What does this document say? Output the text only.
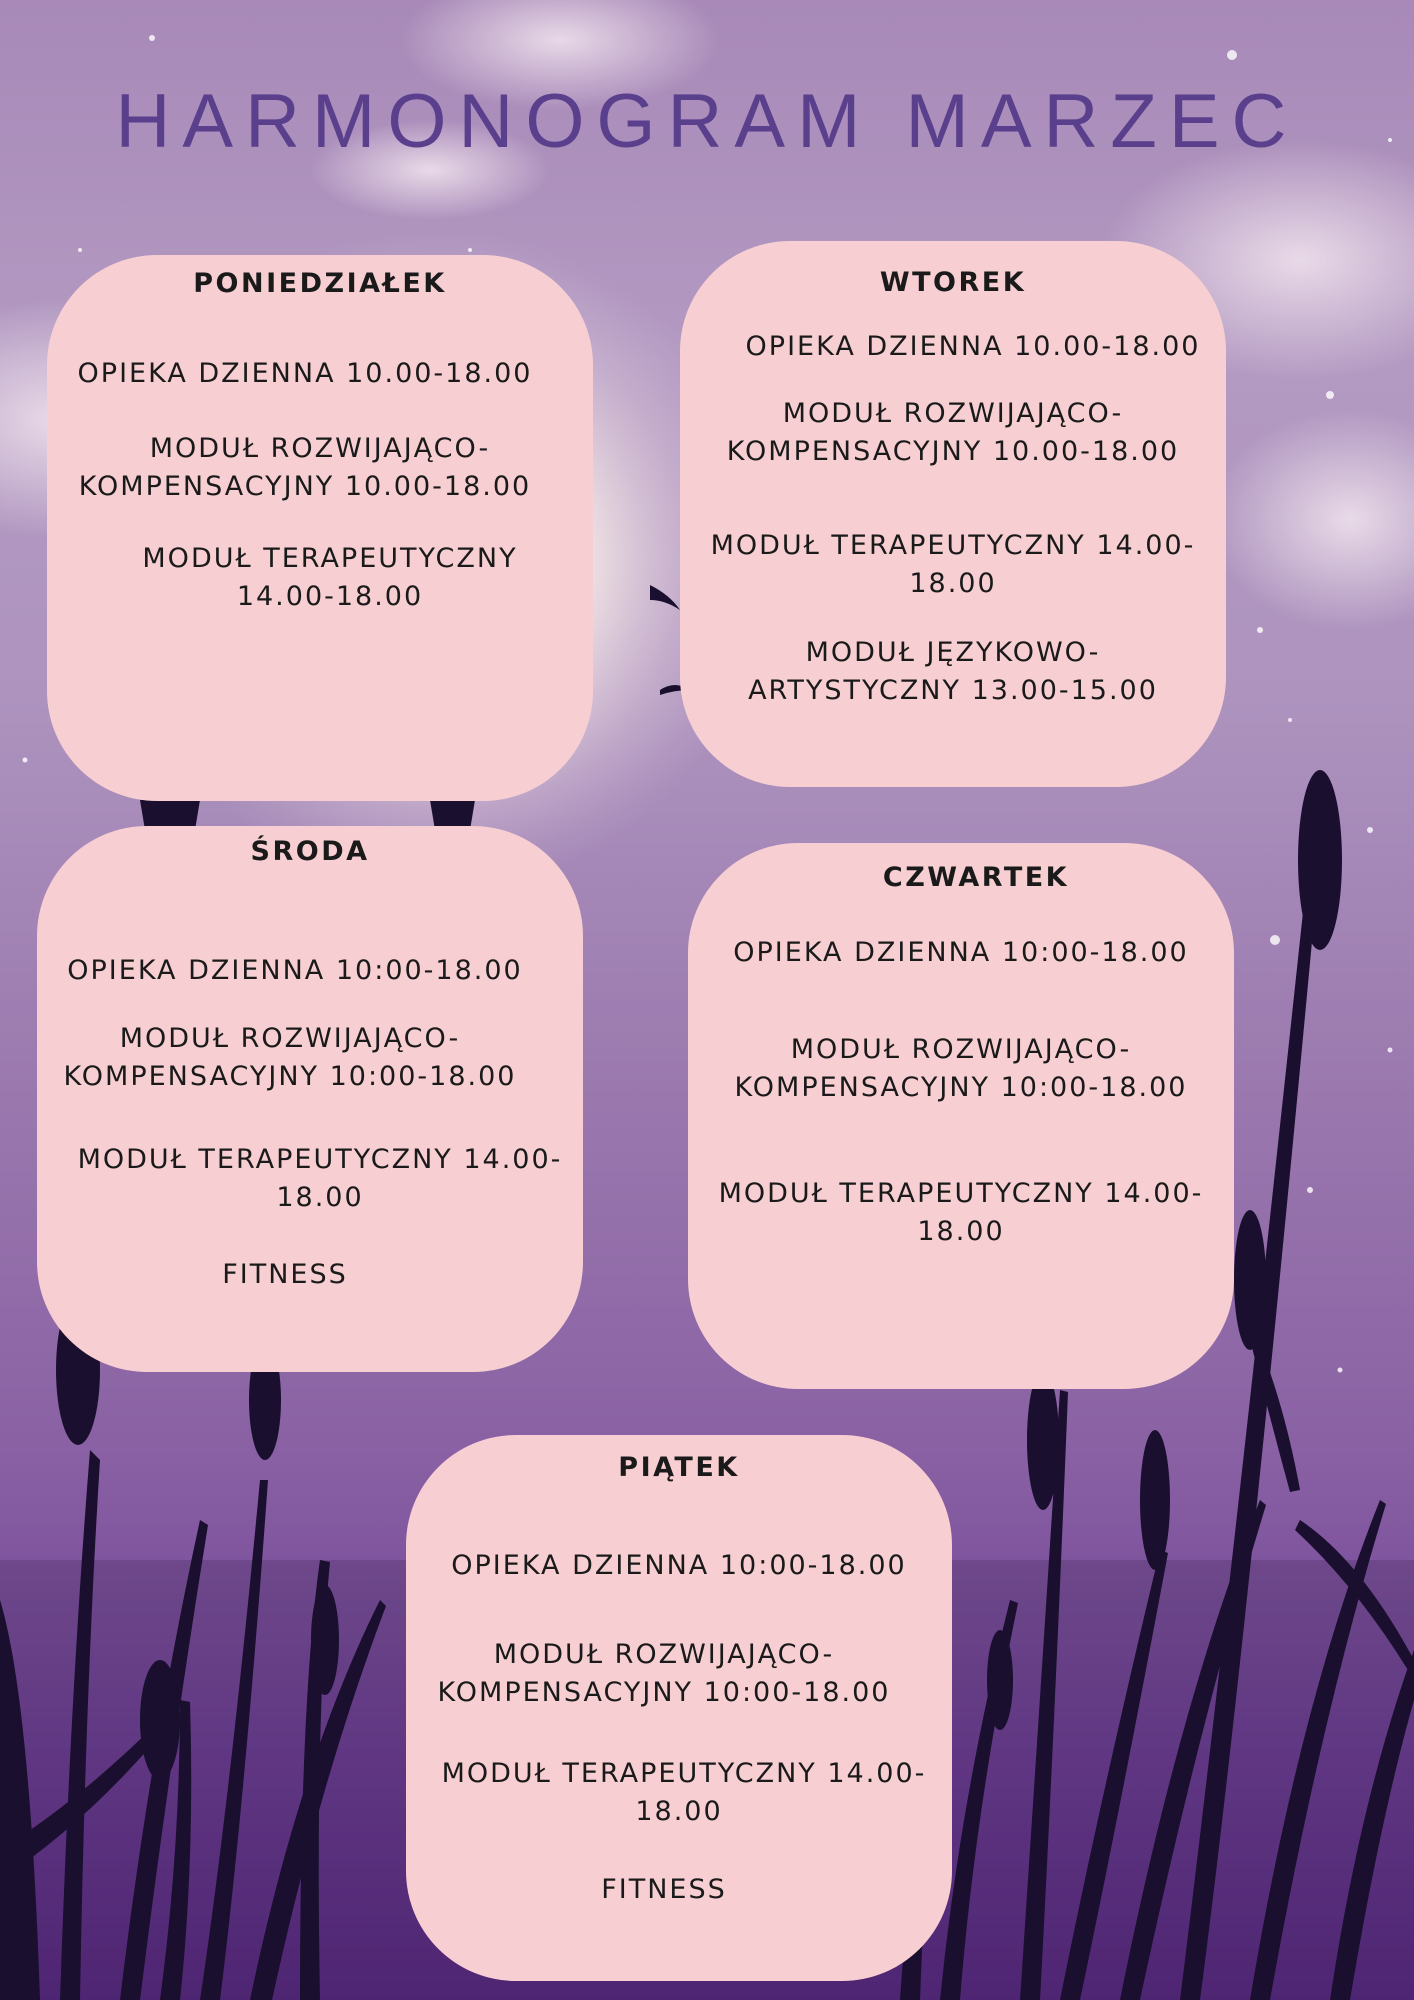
HARMONOGRAM MARZEC
PONIEDZIAŁEK

OPIEKA DZIENNA 10.00-18.00

MODUŁ ROZWIJAJĄCO-

KOMPENSACYJNY 10.00-18.00

MODUŁ TERAPEUTYCZNY

14.00-18.00

WTOREK

OPIEKA DZIENNA 10.00-18.00

MODUŁ ROZWIJAJĄCO-

KOMPENSACYJNY 10.00-18.00

MODUŁ TERAPEUTYCZNY 14.00-

18.00

MODUŁ JĘZYKOWO-

ARTYSTYCZNY 13.00-15.00

ŚRODA

OPIEKA DZIENNA 10:00-18.00

MODUŁ ROZWIJAJĄCO-

KOMPENSACYJNY 10:00-18.00

MODUŁ TERAPEUTYCZNY 14.00-

18.00

FITNESS

CZWARTEK

OPIEKA DZIENNA 10:00-18.00

MODUŁ ROZWIJAJĄCO-

KOMPENSACYJNY 10:00-18.00

MODUŁ TERAPEUTYCZNY 14.00-

18.00

PIĄTEK

OPIEKA DZIENNA 10:00-18.00

MODUŁ ROZWIJAJĄCO-

KOMPENSACYJNY 10:00-18.00

MODUŁ TERAPEUTYCZNY 14.00-

18.00

FITNESS
